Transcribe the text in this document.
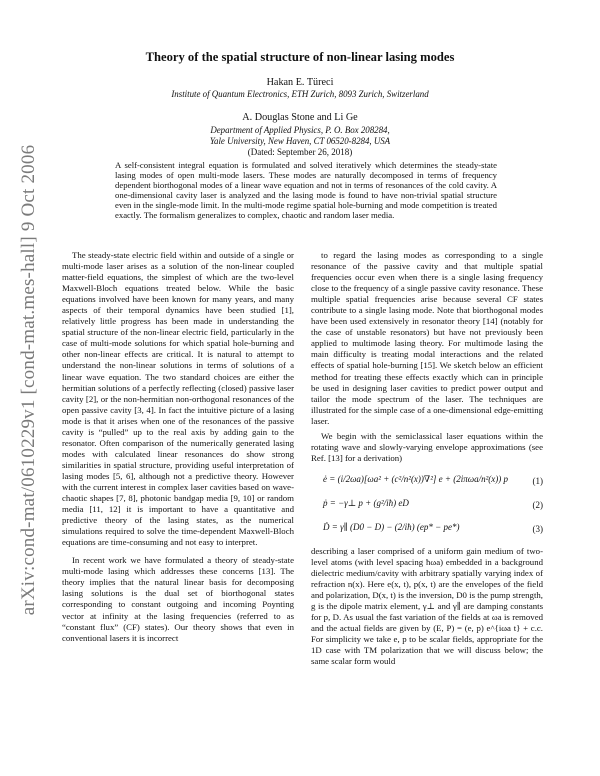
arXiv:cond-mat/0610229v1 [cond-mat.mes-hall] 9 Oct 2006
Theory of the spatial structure of non-linear lasing modes
Hakan E. Türeci
Institute of Quantum Electronics, ETH Zurich, 8093 Zurich, Switzerland
A. Douglas Stone and Li Ge
Department of Applied Physics, P. O. Box 208284,
Yale University, New Haven, CT 06520-8284, USA
(Dated: September 26, 2018)
A self-consistent integral equation is formulated and solved iteratively which determines the steady-state lasing modes of open multi-mode lasers. These modes are naturally decomposed in terms of frequency dependent biorthogonal modes of a linear wave equation and not in terms of resonances of the cold cavity. A one-dimensional cavity laser is analyzed and the lasing mode is found to have non-trivial spatial structure even in the single-mode limit. In the multi-mode regime spatial hole-burning and mode competition is treated exactly. The formalism generalizes to complex, chaotic and random laser media.

The steady-state electric field within and outside of a single or multi-mode laser arises as a solution of the non-linear coupled matter-field equations, the simplest of which are the two-level Maxwell-Bloch equations treated below. While the basic equations involved have been known for many years, and many aspects of their temporal dynamics have been studied [1], relatively little progress has been made in understanding the spatial structure of the non-linear electric field, particularly in the case of multi-mode solutions for which spatial hole-burning and other non-linear effects are critical. It is natural to attempt to understand the non-linear solutions in terms of solutions of a linear wave equation. The two standard choices are either the hermitian solutions of a perfectly reflecting (closed) passive laser cavity [2], or the non-hermitian non-orthogonal resonances of the open passive cavity [3, 4]. In fact the intuitive picture of a lasing mode is that it arises when one of the resonances of the passive cavity is “pulled” up to the real axis by adding gain to the resonator. Often comparison of the numerically generated lasing modes with calculated linear resonances do show strong similarities in spatial structure, providing useful interpretation of lasing modes [5, 6], although not a predictive theory. However with the current interest in complex laser cavities based on wave-chaotic shapes [7, 8], photonic bandgap media [9, 10] or random media [11, 12] it is important to have a quantitative and predictive theory of the lasing states, as the numerical simulations required to solve the time-dependent Maxwell-Bloch equations are time-consuming and not easy to interpret.

In recent work we have formulated a theory of steady-state multi-mode lasing which addresses these concerns [13]. The theory implies that the natural linear basis for decomposing lasing solutions is the dual set of biorthogonal states corresponding to constant outgoing and incoming Poynting vector at infinity at the lasing frequencies (referred to as “constant flux” (CF) states). Our theory shows that even in conventional lasers it is incorrect

to regard the lasing modes as corresponding to a single resonance of the passive cavity and that multiple spatial frequencies occur even when there is a single lasing frequency close to the frequency of a single passive cavity resonance. These multiple spatial frequencies arise because several CF states contribute to a single lasing mode. Note that biorthogonal modes have been used extensively in resonator theory [14] (notably for the case of unstable resonators) but have not previously been applied to multimode lasing theory. For multimode lasing the main difficulty is treating modal interactions and the related effects of spatial hole-burning [15]. We sketch below an efficient method for treating these effects exactly which can in principle be used in designing laser cavities to predict power output and tailor the mode spectrum of the laser. The techniques are illustrated for the simple case of a one-dimensional edge-emitting laser.

We begin with the semiclassical laser equations within the rotating wave and slowly-varying envelope approximations (see Ref. [13] for a derivation)

ė = (i/2ωa)[ωa² + (c²/n²(x))∇²] e + (2iπωa/n²(x)) p	(1)
ṗ = −γ⊥ p + (g²/iħ) eD	(2)
Ḋ = γ∥ (D0 − D) − (2/iħ) (ep* − pe*)	(3)

describing a laser comprised of a uniform gain medium of two-level atoms (with level spacing ħωa) embedded in a background dielectric medium/cavity with arbitrary spatially varying index of refraction n(x). Here e(x, t), p(x, t) are the envelopes of the field and polarization, D(x, t) is the inversion, D0 is the pump strength, g is the dipole matrix element, γ⊥ and γ∥ are damping constants for p, D. As usual the fast variation of the fields at ωa is removed and the actual fields are given by (E, P) = (e, p) e^{iωa t} + c.c. For simplicity we take e, p to be scalar fields, appropriate for the 1D case with TM polarization that we will discuss below; the same scalar form would
